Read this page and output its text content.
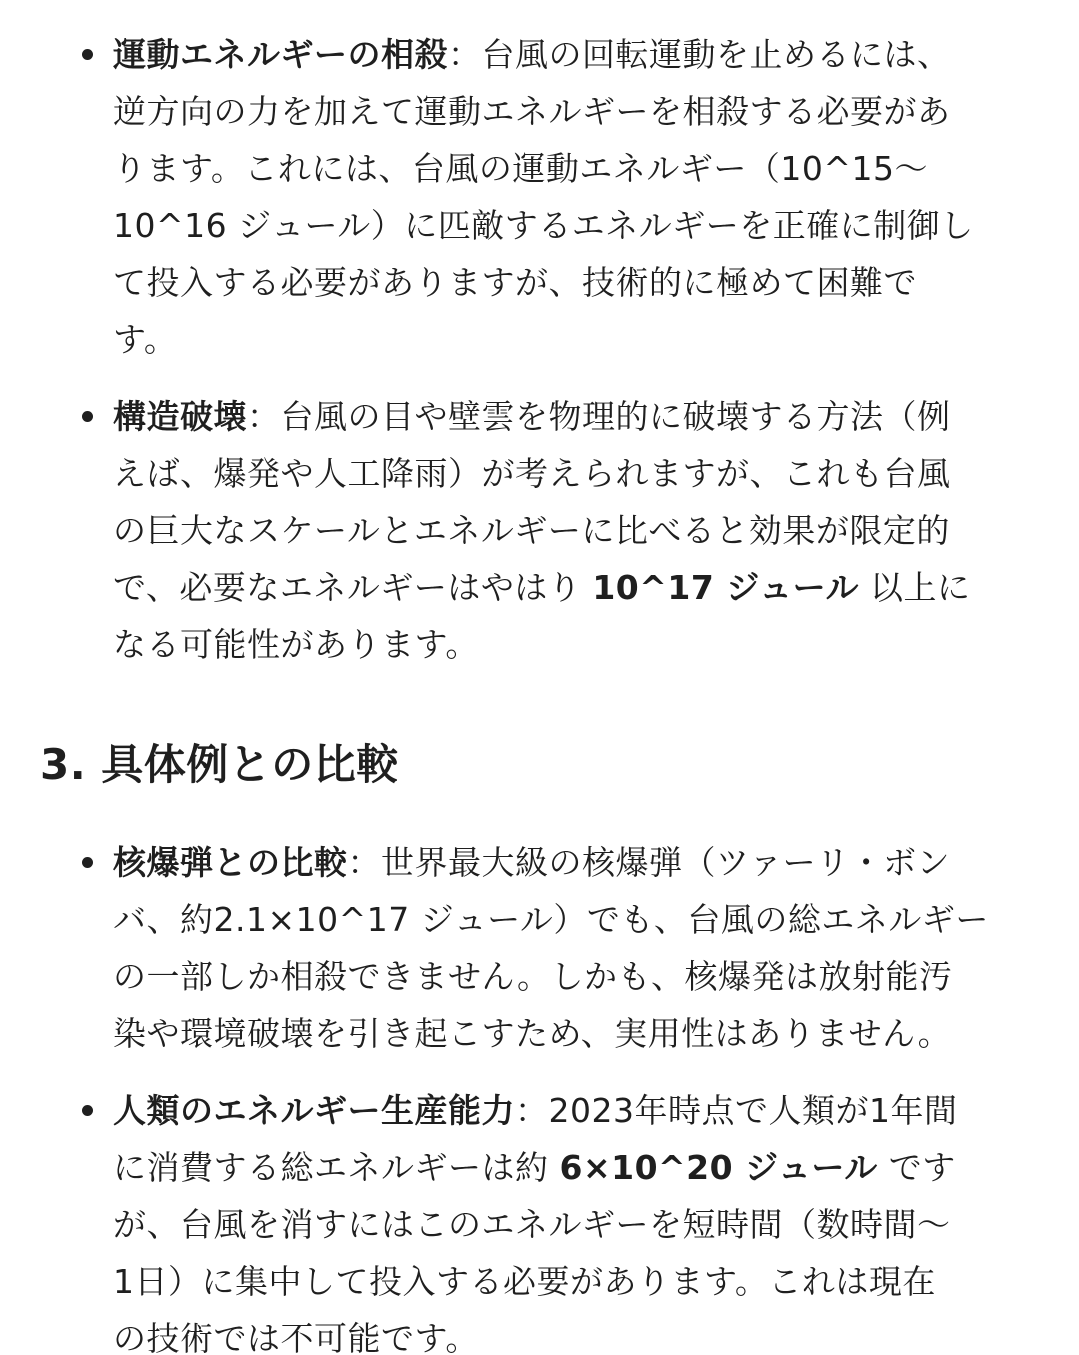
運動エネルギーの相殺：台風の回転運動を止めるには、
逆方向の力を加えて運動エネルギーを相殺する必要があ
ります。これには、台風の運動エネルギー（10^15〜
10^16 ジュール）に匹敵するエネルギーを正確に制御し
て投入する必要がありますが、技術的に極めて困難で
す。
構造破壊：台風の目や壁雲を物理的に破壊する方法（例
えば、爆発や人工降雨）が考えられますが、これも台風
の巨大なスケールとエネルギーに比べると効果が限定的
で、必要なエネルギーはやはり 10^17 ジュール 以上に
なる可能性があります。
3. 具体例との比較
核爆弾との比較：世界最大級の核爆弾（ツァーリ・ボン
バ、約2.1×10^17 ジュール）でも、台風の総エネルギー
の一部しか相殺できません。しかも、核爆発は放射能汚
染や環境破壊を引き起こすため、実用性はありません。
人類のエネルギー生産能力：2023年時点で人類が1年間
に消費する総エネルギーは約 6×10^20 ジュール です
が、台風を消すにはこのエネルギーを短時間（数時間〜
1日）に集中して投入する必要があります。これは現在
の技術では不可能です。
